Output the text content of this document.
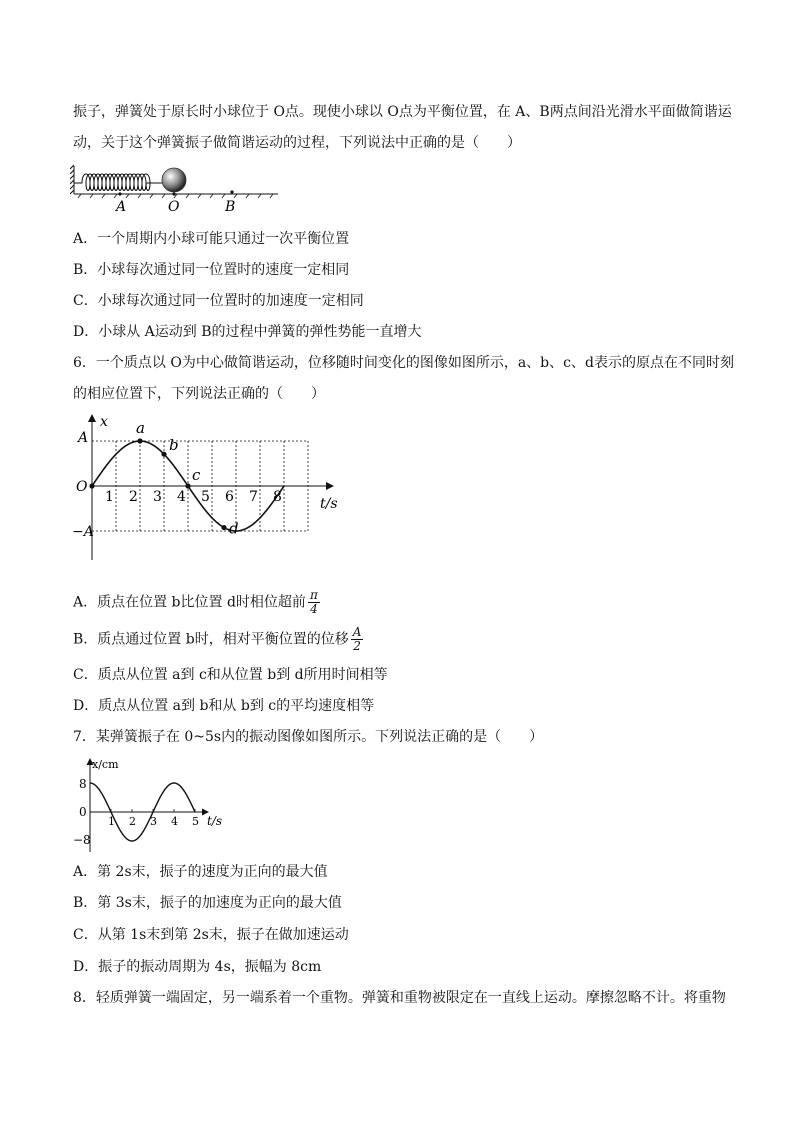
振子，弹簧处于原长时小球位于 O点。现使小球以 O点为平衡位置，在 A、B两点间沿光滑水平面做简谐运
动，关于这个弹簧振子做简谐运动的过程，下列说法中正确的是（　　）
A	O	B
A．一个周期内小球可能只通过一次平衡位置
B．小球每次通过同一位置时的速度一定相同
C．小球每次通过同一位置时的加速度一定相同
D．小球从 A运动到 B的过程中弹簧的弹性势能一直增大
6．一个质点以 O为中心做简谐运动，位移随时间变化的图像如图所示，a、b、c、d表示的原点在不同时刻
的相应位置下，下列说法正确的（　　）
x
t/s
A
O
−A
1 2 3 4 5 6 7 8
a
b
c
d
A．质点在位置 b比位置 d时相位超前 $\frac{\pi}{4}$
B．质点通过位置 b时，相对平衡位置的位移 $\frac{A}{2}$
C．质点从位置 a到 c和从位置 b到 d所用时间相等
D．质点从位置 a到 b和从 b到 c的平均速度相等
7．某弹簧振子在 0~5s内的振动图像如图所示。下列说法正确的是（　　）
x/cm
t/s
8
0
−8
1 2 3 4 5
A．第 2s末，振子的速度为正向的最大值
B．第 3s末，振子的加速度为正向的最大值
C．从第 1s末到第 2s末，振子在做加速运动
D．振子的振动周期为 4s，振幅为 8cm
8．轻质弹簧一端固定，另一端系着一个重物。弹簧和重物被限定在一直线上运动。摩擦忽略不计。将重物
